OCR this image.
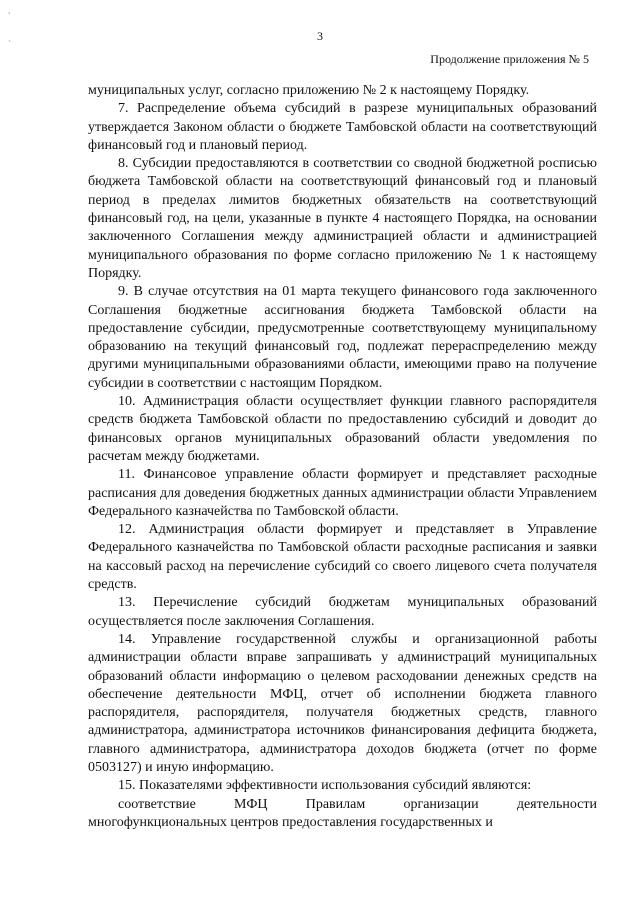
3
Продолжение приложения № 5
‵
ˋ

муниципальных услуг, согласно приложению № 2 к настоящему Порядку.

7. Распределение объема субсидий в разрезе муниципальных образований утверждается Законом области о бюджете Тамбовской области на соответствующий финансовый год и плановый период.

8. Субсидии предоставляются в соответствии со сводной бюджетной росписью бюджета Тамбовской области на соответствующий финансовый год и плановый период в пределах лимитов бюджетных обязательств на соответствующий финансовый год, на цели, указанные в пункте 4 настоящего Порядка, на основании заключенного Соглашения между администрацией области и администрацией муниципального образования по форме согласно приложению № 1 к настоящему Порядку.

9. В случае отсутствия на 01 марта текущего финансового года заключенного Соглашения бюджетные ассигнования бюджета Тамбовской области на предоставление субсидии, предусмотренные соответствующему муниципальному образованию на текущий финансовый год, подлежат перераспределению между другими муниципальными образованиями области, имеющими право на получение субсидии в соответствии с настоящим Порядком.

10. Администрация области осуществляет функции главного распорядителя средств бюджета Тамбовской области по предоставлению субсидий и доводит до финансовых органов муниципальных образований области уведомления по расчетам между бюджетами.

11. Финансовое управление области формирует и представляет расходные расписания для доведения бюджетных данных администрации области Управлением Федерального казначейства по Тамбовской области.

12. Администрация области формирует и представляет в Управление Федерального казначейства по Тамбовской области расходные расписания и заявки на кассовый расход на перечисление субсидий со своего лицевого счета получателя средств.

13. Перечисление субсидий бюджетам муниципальных образований осуществляется после заключения Соглашения.

14. Управление государственной службы и организационной работы администрации области вправе запрашивать у администраций муниципальных образований области информацию о целевом расходовании денежных средств на обеспечение деятельности МФЦ, отчет об исполнении бюджета главного распорядителя, распорядителя, получателя бюджетных средств, главного администратора, администратора источников финансирования дефицита бюджета, главного администратора, администратора доходов бюджета (отчет по форме 0503127) и иную информацию.

15. Показателями эффективности использования субсидий являются:

соответствие МФЦ Правилам организации деятельности многофункциональных центров предоставления государственных и
